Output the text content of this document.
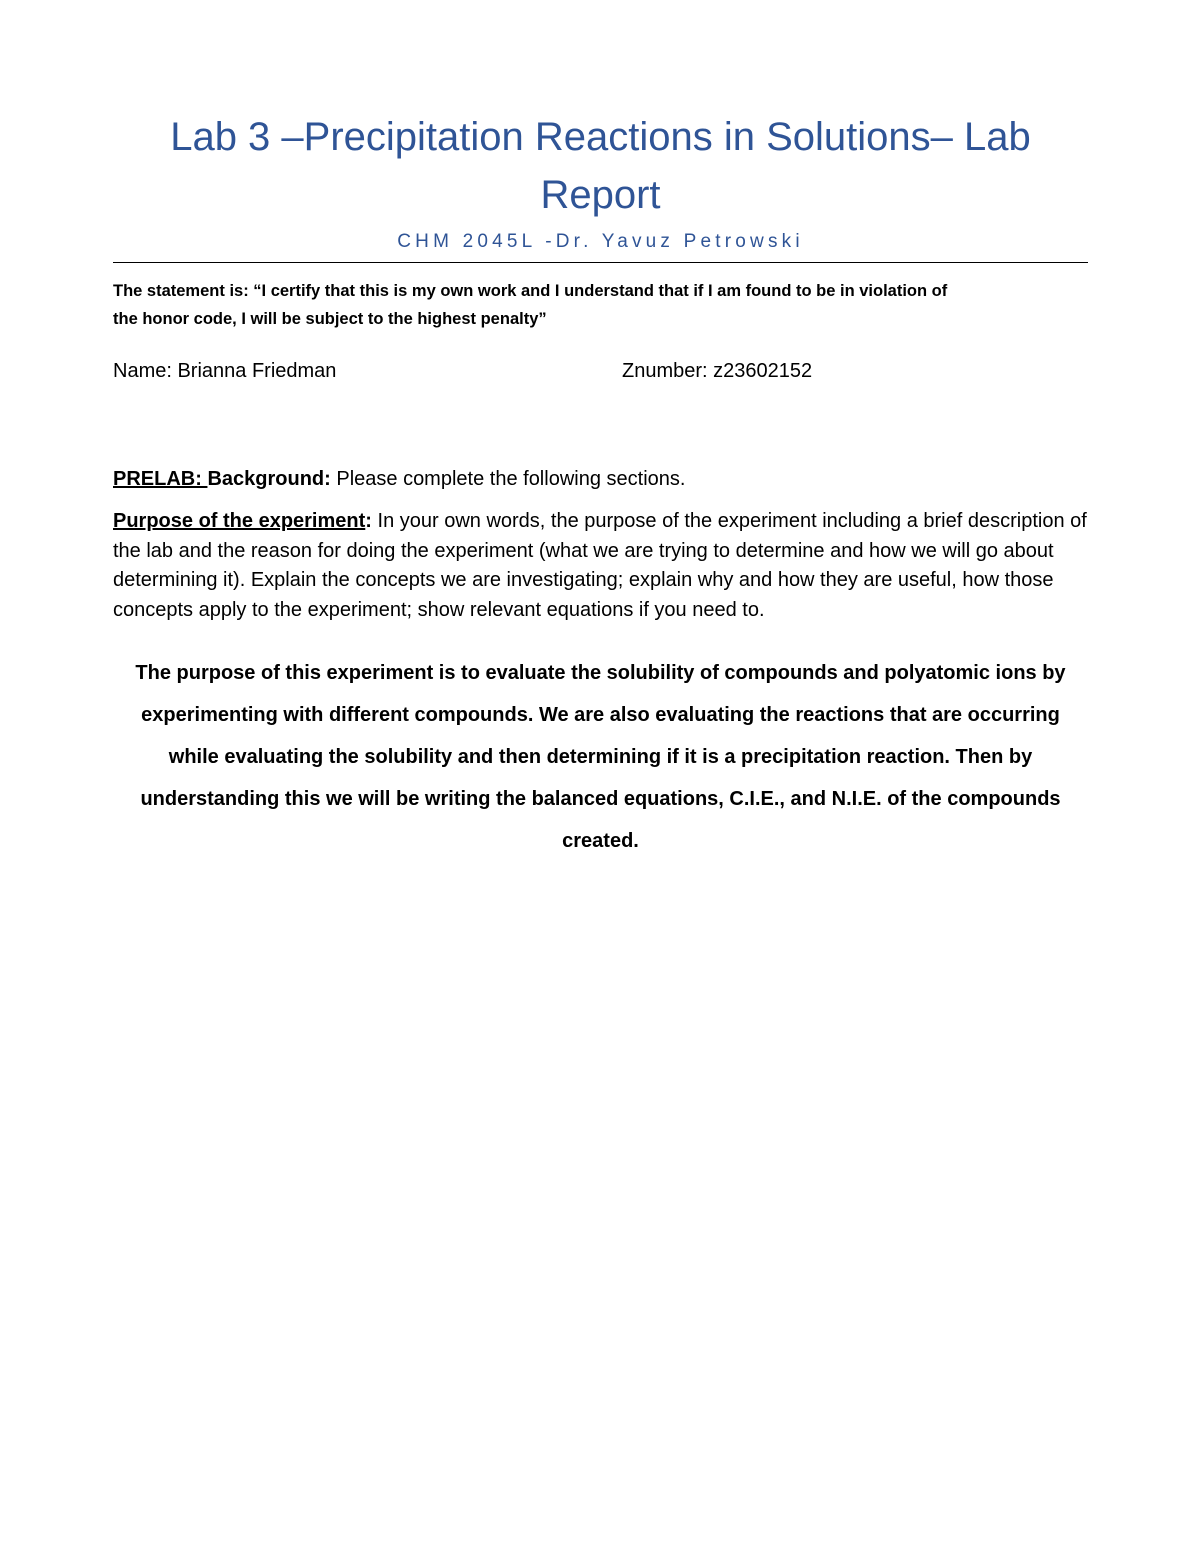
Lab 3 –Precipitation Reactions in Solutions– Lab
Report
CHM 2045L -Dr. Yavuz Petrowski
The statement is: “I certify that this is my own work and I understand that if I am found to be in violation of
the honor code, I will be subject to the highest penalty”
Name: Brianna Friedman	Znumber: z23602152
PRELAB: Background: Please complete the following sections.
Purpose of the experiment: In your own words, the purpose of the experiment including a brief description of the lab and the reason for doing the experiment (what we are trying to determine and how we will go about determining it). Explain the concepts we are investigating; explain why and how they are useful, how those concepts apply to the experiment; show relevant equations if you need to.
The purpose of this experiment is to evaluate the solubility of compounds and polyatomic ions by
experimenting with different compounds. We are also evaluating the reactions that are occurring
while evaluating the solubility and then determining if it is a precipitation reaction. Then by
understanding this we will be writing the balanced equations, C.I.E., and N.I.E. of the compounds
created.
